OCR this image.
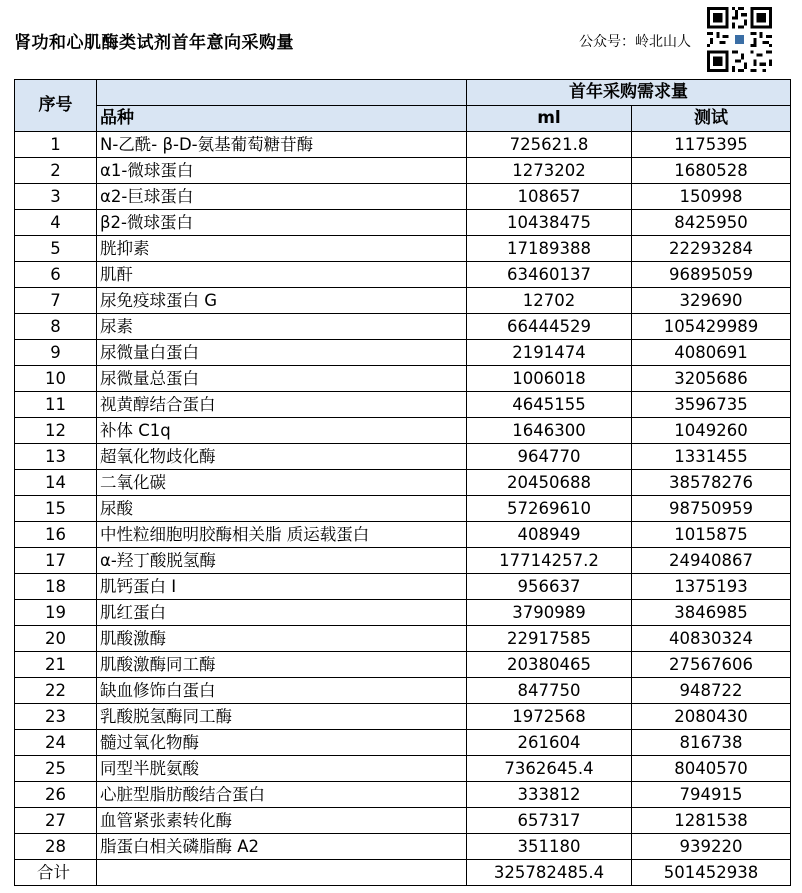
肾功和心肌酶类试剂首年意向采购量	公众号：岭北山人
序号		首年采购需求量	
	品种	ml	测试
1	N-乙酰- β-D-氨基葡萄糖苷酶	725621.8	1175395
2	α1-微球蛋白	1273202	1680528
3	α2-巨球蛋白	108657	150998
4	β2-微球蛋白	10438475	8425950
5	胱抑素	17189388	22293284
6	肌酐	63460137	96895059
7	尿免疫球蛋白 G	12702	329690
8	尿素	66444529	105429989
9	尿微量白蛋白	2191474	4080691
10	尿微量总蛋白	1006018	3205686
11	视黄醇结合蛋白	4645155	3596735
12	补体 C1q	1646300	1049260
13	超氧化物歧化酶	964770	1331455
14	二氧化碳	20450688	38578276
15	尿酸	57269610	98750959
16	中性粒细胞明胶酶相关脂 质运载蛋白	408949	1015875
17	α-羟丁酸脱氢酶	17714257.2	24940867
18	肌钙蛋白 I	956637	1375193
19	肌红蛋白	3790989	3846985
20	肌酸激酶	22917585	40830324
21	肌酸激酶同工酶	20380465	27567606
22	缺血修饰白蛋白	847750	948722
23	乳酸脱氢酶同工酶	1972568	2080430
24	髓过氧化物酶	261604	816738
25	同型半胱氨酸	7362645.4	8040570
26	心脏型脂肪酸结合蛋白	333812	794915
27	血管紧张素转化酶	657317	1281538
28	脂蛋白相关磷脂酶 A2	351180	939220
合计		325782485.4	501452938
